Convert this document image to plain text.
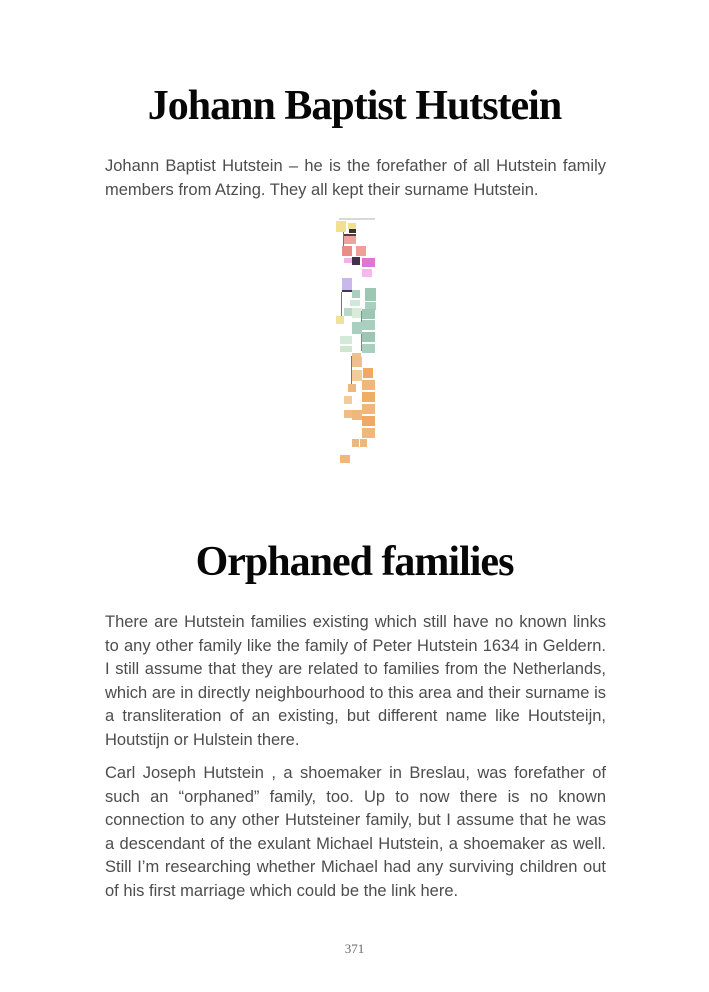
Johann Baptist Hutstein
Johann Baptist Hutstein – he is the forefather of all Hutstein family members from Atzing. They all kept their surname Hutstein.
Orphaned families
There are Hutstein families existing which still have no known links to any other family like the family of Peter Hutstein 1634 in Geldern. I still assume that they are related to families from the Netherlands, which are in directly neighbourhood to this area and their surname is a transliteration of an existing, but different name like Houtsteijn, Houtstijn or Hulstein there.
Carl Joseph Hutstein , a shoemaker in Breslau, was forefather of such an “orphaned” family, too. Up to now there is no known connection to any other Hutsteiner family, but I assume that he was a descendant of the exulant Michael Hutstein, a shoemaker as well. Still I’m researching whether Michael had any surviving children out of his first marriage which could be the link here.
371
